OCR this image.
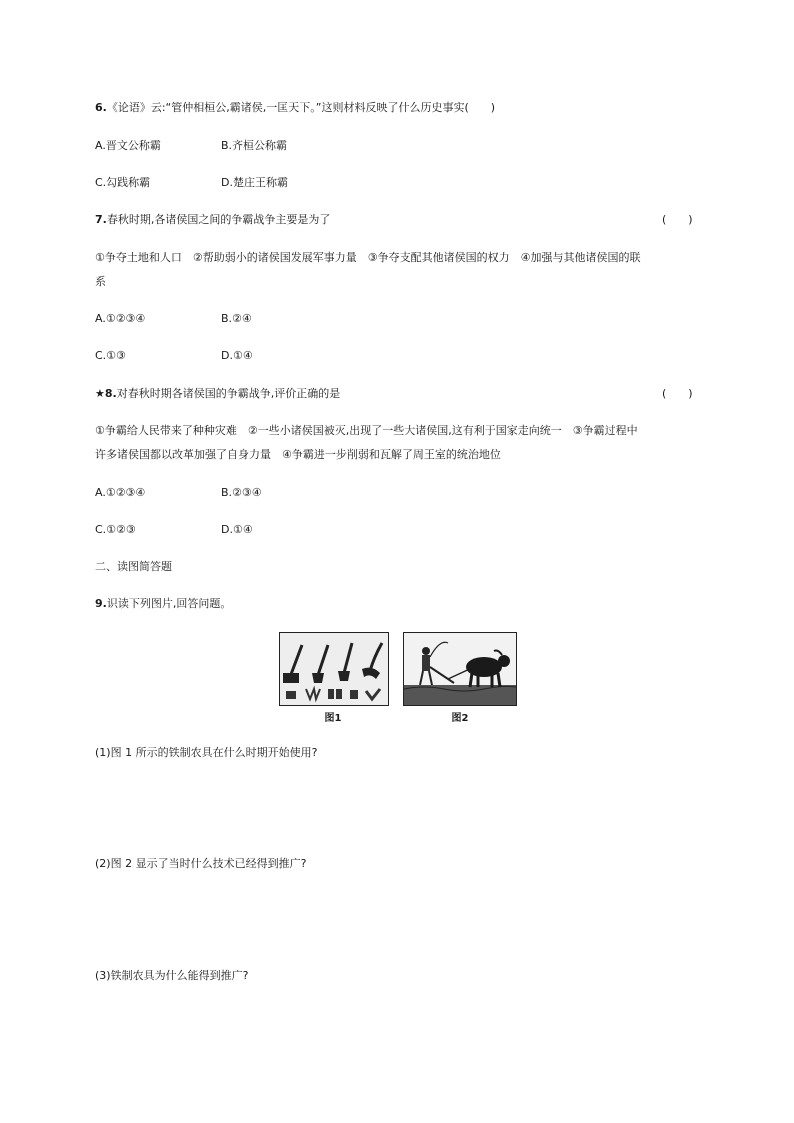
6.《论语》云:“管仲相桓公,霸诸侯,一匡天下。”这则材料反映了什么历史事实(　　)
A.晋文公称霸	B.齐桓公称霸
C.勾践称霸	D.楚庄王称霸
7.春秋时期,各诸侯国之间的争霸战争主要是为了	(　　)
①争夺土地和人口　②帮助弱小的诸侯国发展军事力量　③争夺支配其他诸侯国的权力　④加强与其他诸侯国的联
系
A.①②③④	B.②④
C.①③	D.①④
★8.对春秋时期各诸侯国的争霸战争,评价正确的是	(　　)
①争霸给人民带来了种种灾难　②一些小诸侯国被灭,出现了一些大诸侯国,这有利于国家走向统一　③争霸过程中
许多诸侯国都以改革加强了自身力量　④争霸进一步削弱和瓦解了周王室的统治地位
A.①②③④	B.②③④
C.①②③	D.①④
二、读图简答题
9.识读下列图片,回答问题。
图1	图2
(1)图 1 所示的铁制农具在什么时期开始使用?
(2)图 2 显示了当时什么技术已经得到推广?
(3)铁制农具为什么能得到推广?
